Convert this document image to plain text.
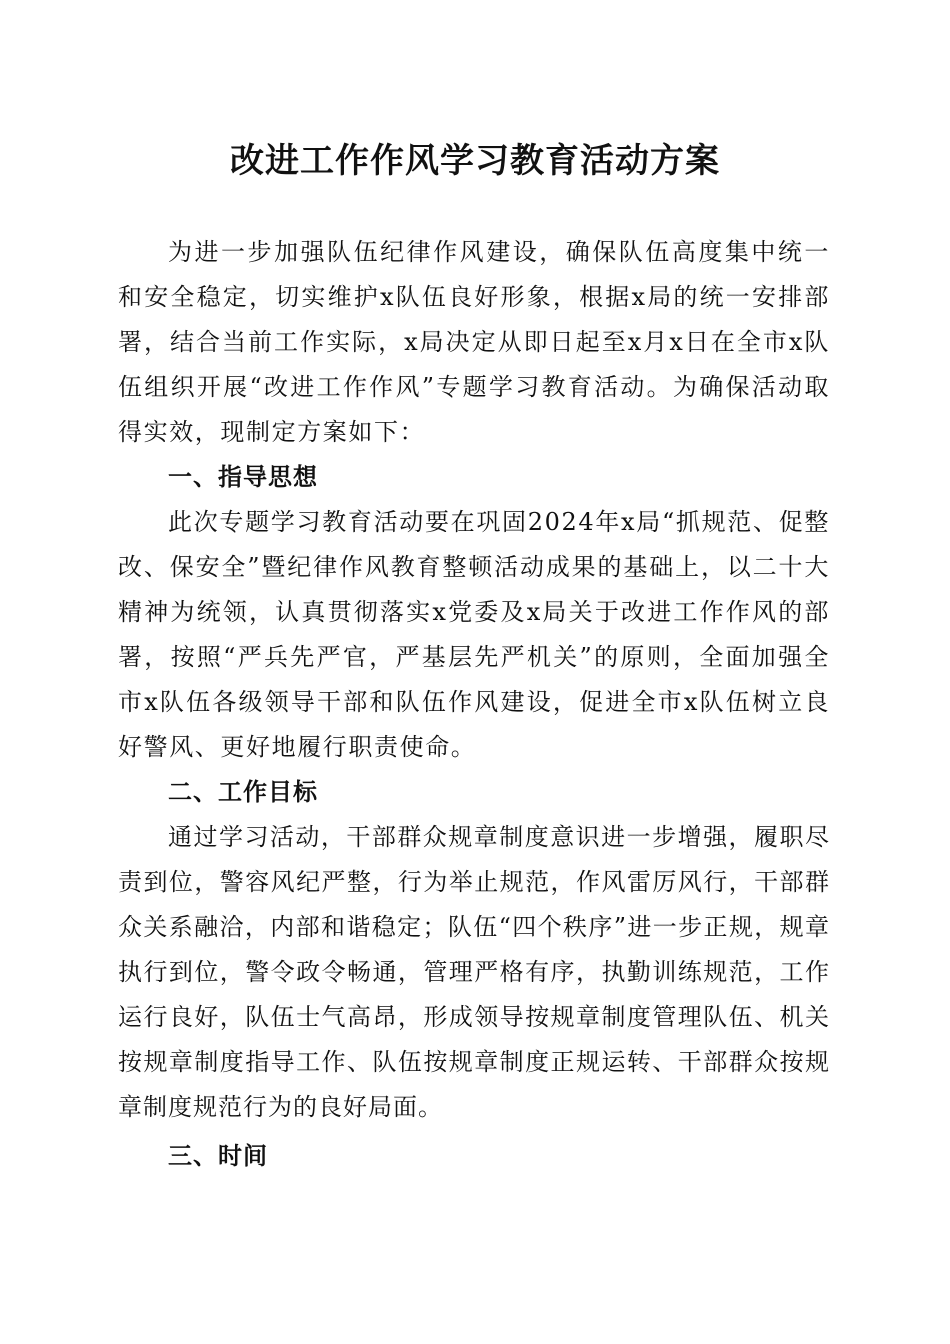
改进工作作风学习教育活动方案

为进一步加强队伍纪律作风建设，确保队伍高度集中统一和安全稳定，切实维护x队伍良好形象，根据x局的统一安排部署，结合当前工作实际，x局决定从即日起至x月x日在全市x队伍组织开展“改进工作作风”专题学习教育活动。为确保活动取得实效，现制定方案如下：

一、指导思想

此次专题学习教育活动要在巩固2024年x局“抓规范、促整改、保安全”暨纪律作风教育整顿活动成果的基础上，以二十大精神为统领，认真贯彻落实x党委及x局关于改进工作作风的部署，按照“严兵先严官，严基层先严机关”的原则，全面加强全市x队伍各级领导干部和队伍作风建设，促进全市x队伍树立良好警风、更好地履行职责使命。

二、工作目标

通过学习活动，干部群众规章制度意识进一步增强，履职尽责到位，警容风纪严整，行为举止规范，作风雷厉风行，干部群众关系融洽，内部和谐稳定；队伍“四个秩序”进一步正规，规章执行到位，警令政令畅通，管理严格有序，执勤训练规范，工作运行良好，队伍士气高昂，形成领导按规章制度管理队伍、机关按规章制度指导工作、队伍按规章制度正规运转、干部群众按规章制度规范行为的良好局面。

三、时间
